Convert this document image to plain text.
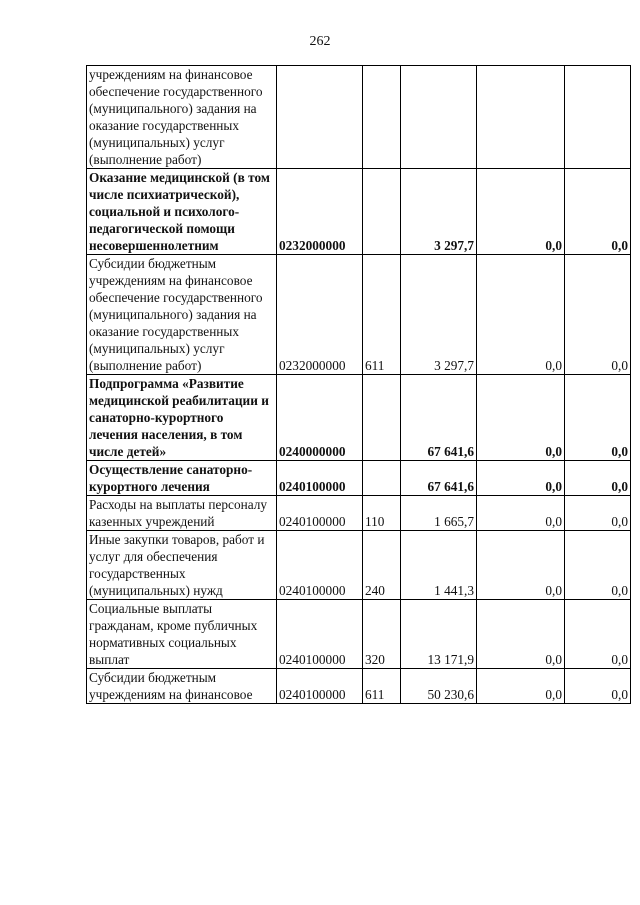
262
учреждениям на финансовое обеспечение государственного (муниципального) задания на оказание государственных (муниципальных) услуг (выполнение работ)					
Оказание медицинской (в том числе психиатрической), социальной и психолого-педагогической помощи несовершеннолетним	0232000000		3 297,7	0,0	0,0
Субсидии бюджетным учреждениям на финансовое обеспечение государственного (муниципального) задания на оказание государственных (муниципальных) услуг (выполнение работ)	0232000000	611	3 297,7	0,0	0,0
Подпрограмма «Развитие медицинской реабилитации и санаторно-курортного лечения населения, в том числе детей»	0240000000		67 641,6	0,0	0,0
Осуществление санаторно-курортного лечения	0240100000		67 641,6	0,0	0,0
Расходы на выплаты персоналу казенных учреждений	0240100000	110	1 665,7	0,0	0,0
Иные закупки товаров, работ и услуг для обеспечения государственных (муниципальных) нужд	0240100000	240	1 441,3	0,0	0,0
Социальные выплаты гражданам, кроме публичных нормативных социальных выплат	0240100000	320	13 171,9	0,0	0,0
Субсидии бюджетным учреждениям на финансовое	0240100000	611	50 230,6	0,0	0,0
